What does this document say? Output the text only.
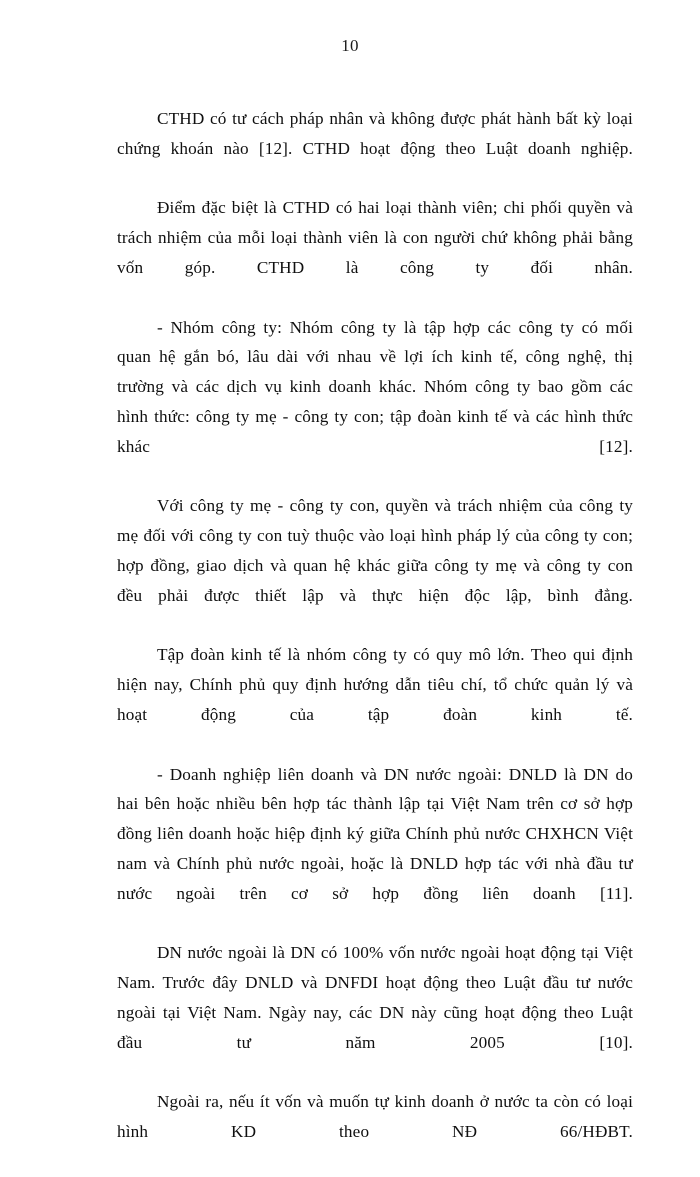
10

CTHD có tư cách pháp nhân và không được phát hành bất kỳ loại chứng khoán nào [12]. CTHD hoạt động theo Luật doanh nghiệp.

Điểm đặc biệt là CTHD có hai loại thành viên; chi phối quyền và trách nhiệm của mỗi loại thành viên là con người chứ không phải bằng vốn góp. CTHD là công ty đối nhân.

- Nhóm công ty: Nhóm công ty là tập hợp các công ty có mối quan hệ gắn bó, lâu dài với nhau về lợi ích kinh tế, công nghệ, thị trường và các dịch vụ kinh doanh khác. Nhóm công ty bao gồm các hình thức: công ty mẹ - công ty con; tập đoàn kinh tế và các hình thức khác [12].

Với công ty mẹ - công ty con, quyền và trách nhiệm của công ty mẹ đối với công ty con tuỳ thuộc vào loại hình pháp lý của công ty con; hợp đồng, giao dịch và quan hệ khác giữa công ty mẹ và công ty con đều phải được thiết lập và thực hiện độc lập, bình đẳng.

Tập đoàn kinh tế là nhóm công ty có quy mô lớn. Theo qui định hiện nay, Chính phủ quy định hướng dẫn tiêu chí, tổ chức quản lý và hoạt động của tập đoàn kinh tế.

- Doanh nghiệp liên doanh và DN nước ngoài: DNLD là DN do hai bên hoặc nhiều bên hợp tác thành lập tại Việt Nam trên cơ sở hợp đồng liên doanh hoặc hiệp định ký giữa Chính phủ nước CHXHCN Việt nam và Chính phủ nước ngoài, hoặc là DNLD hợp tác với nhà đầu tư nước ngoài trên cơ sở hợp đồng liên doanh [11].

DN nước ngoài là DN có 100% vốn nước ngoài hoạt động tại Việt Nam. Trước đây DNLD và DNFDI hoạt động theo Luật đầu tư nước ngoài tại Việt Nam. Ngày nay, các DN này cũng hoạt động theo Luật đầu tư năm 2005 [10].

Ngoài ra, nếu ít vốn và muốn tự kinh doanh ở nước ta còn có loại hình KD theo NĐ 66/HĐBT.
